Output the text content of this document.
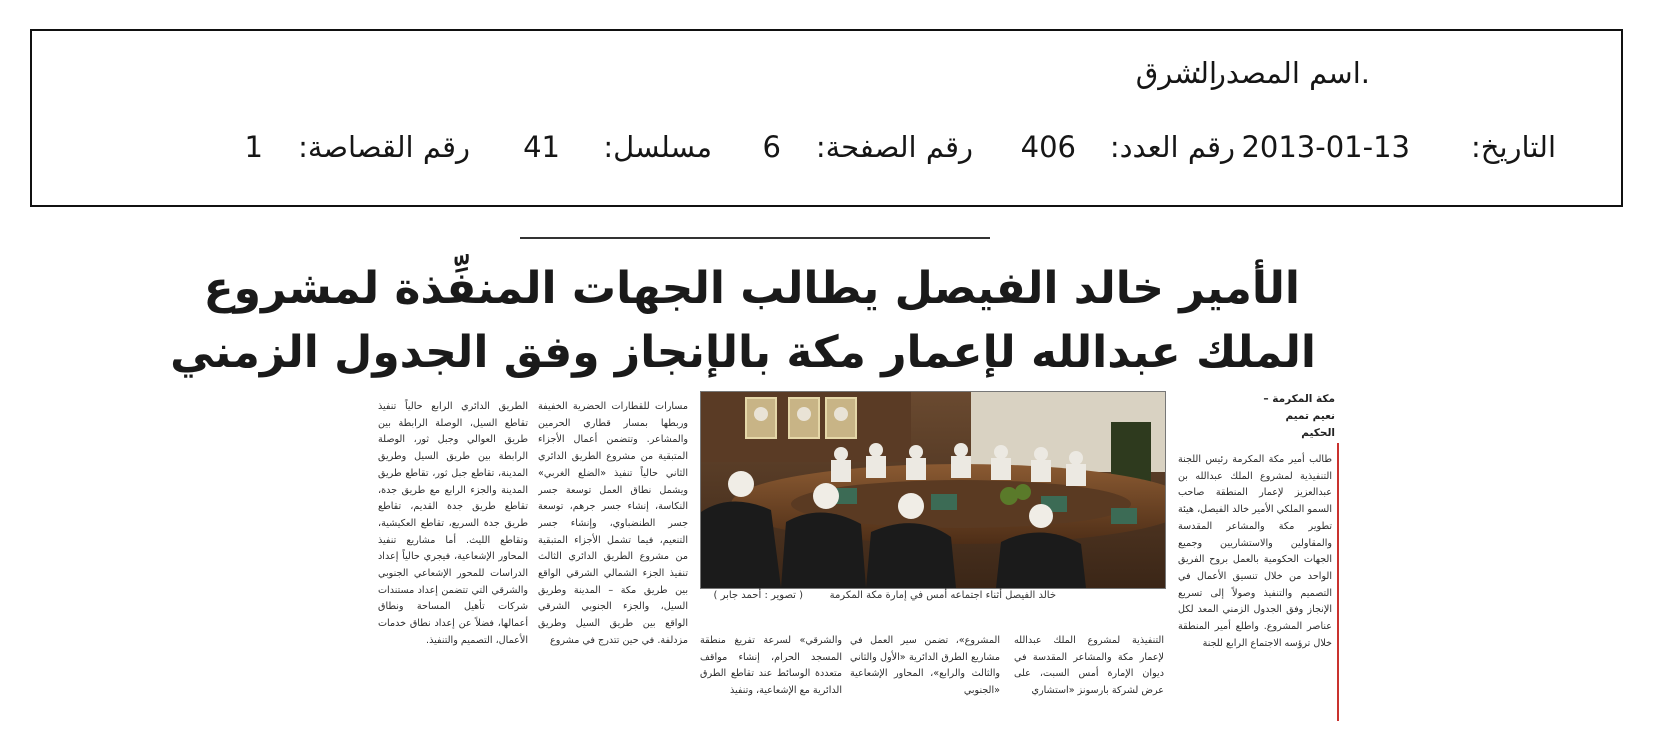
.اسم المصدر :
الشرق
التاريخ:
2013-01-13
رقم العدد:
406
رقم الصفحة:
6
مسلسل:
41
رقم القصاصة:
1
الأمير خالد الفيصل يطالب الجهات المنفِّذة لمشروع
الملك عبدالله لإعمار مكة بالإنجاز وفق الجدول الزمني
خالد الفيصل أثناء اجتماعه أمس في إمارة مكة المكرمة
( تصوير : أحمد جابر )
مكة المكرمة – نعيم تميم الحكيم
طالب أمير مكة المكرمة رئيس اللجنة التنفيذية لمشروع الملك عبدالله بن عبدالعزيز لإعمار المنطقة صاحب السمو الملكي الأمير خالد الفيصل، هيئة تطوير مكة والمشاعر المقدسة والمقاولين والاستشاريين وجميع الجهات الحكومية بالعمل بروح الفريق الواحد من خلال تنسيق الأعمال في التصميم والتنفيذ وصولاً إلى تسريع الإنجاز وفق الجدول الزمني المعد لكل عناصر المشروع. واطلع أمير المنطقة خلال ترؤسه الاجتماع الرابع للجنة
التنفيذية لمشروع الملك عبدالله لإعمار مكة والمشاعر المقدسة في ديوان الإمارة أمس السبت، على عرض لشركة بارسونز «استشاري
المشروع»، تضمن سير العمل في مشاريع الطرق الدائرية «الأول والثاني والثالث والرابع»، المحاور الإشعاعية «الجنوبي
والشرقي» لسرعة تفريغ منطقة المسجد الحرام، إنشاء مواقف متعددة الوسائط عند تقاطع الطرق الدائرية مع الإشعاعية، وتنفيذ
مسارات للقطارات الحضرية الخفيفة وربطها بمسار قطاري الحرمين والمشاعر. وتتضمن أعمال الأجزاء المتبقية من مشروع الطريق الدائري الثاني حالياً تنفيذ «الضلع الغربي» ويشمل نطاق العمل توسعة جسر النكاسة، إنشاء جسر جرهم، توسعة جسر الطنضباوي، وإنشاء جسر التنعيم، فيما تشمل الأجزاء المتبقية من مشروع الطريق الدائري الثالث تنفيذ الجزء الشمالي الشرقي الواقع بين طريق مكة – المدينة وطريق السيل، والجزء الجنوبي الشرقي الواقع بين طريق السيل وطريق مزدلفة. في حين تتدرج في مشروع
الطريق الدائري الرابع حالياً تنفيذ تقاطع السيل، الوصلة الرابطة بين طريق العوالي وجبل ثور، الوصلة الرابطة بين طريق السيل وطريق المدينة، تقاطع جبل ثور، تقاطع طريق المدينة والجزء الرابع مع طريق جدة، تقاطع طريق جدة القديم، تقاطع طريق جدة السريع، تقاطع العكيشية، وتقاطع الليث. أما مشاريع تنفيذ المحاور الإشعاعية، فيجري حالياً إعداد الدراسات للمحور الإشعاعي الجنوبي والشرقي التي تتضمن إعداد مستندات شركات تأهيل المساحة ونطاق أعمالها، فضلاً عن إعداد نطاق خدمات الأعمال، التصميم والتنفيذ.
